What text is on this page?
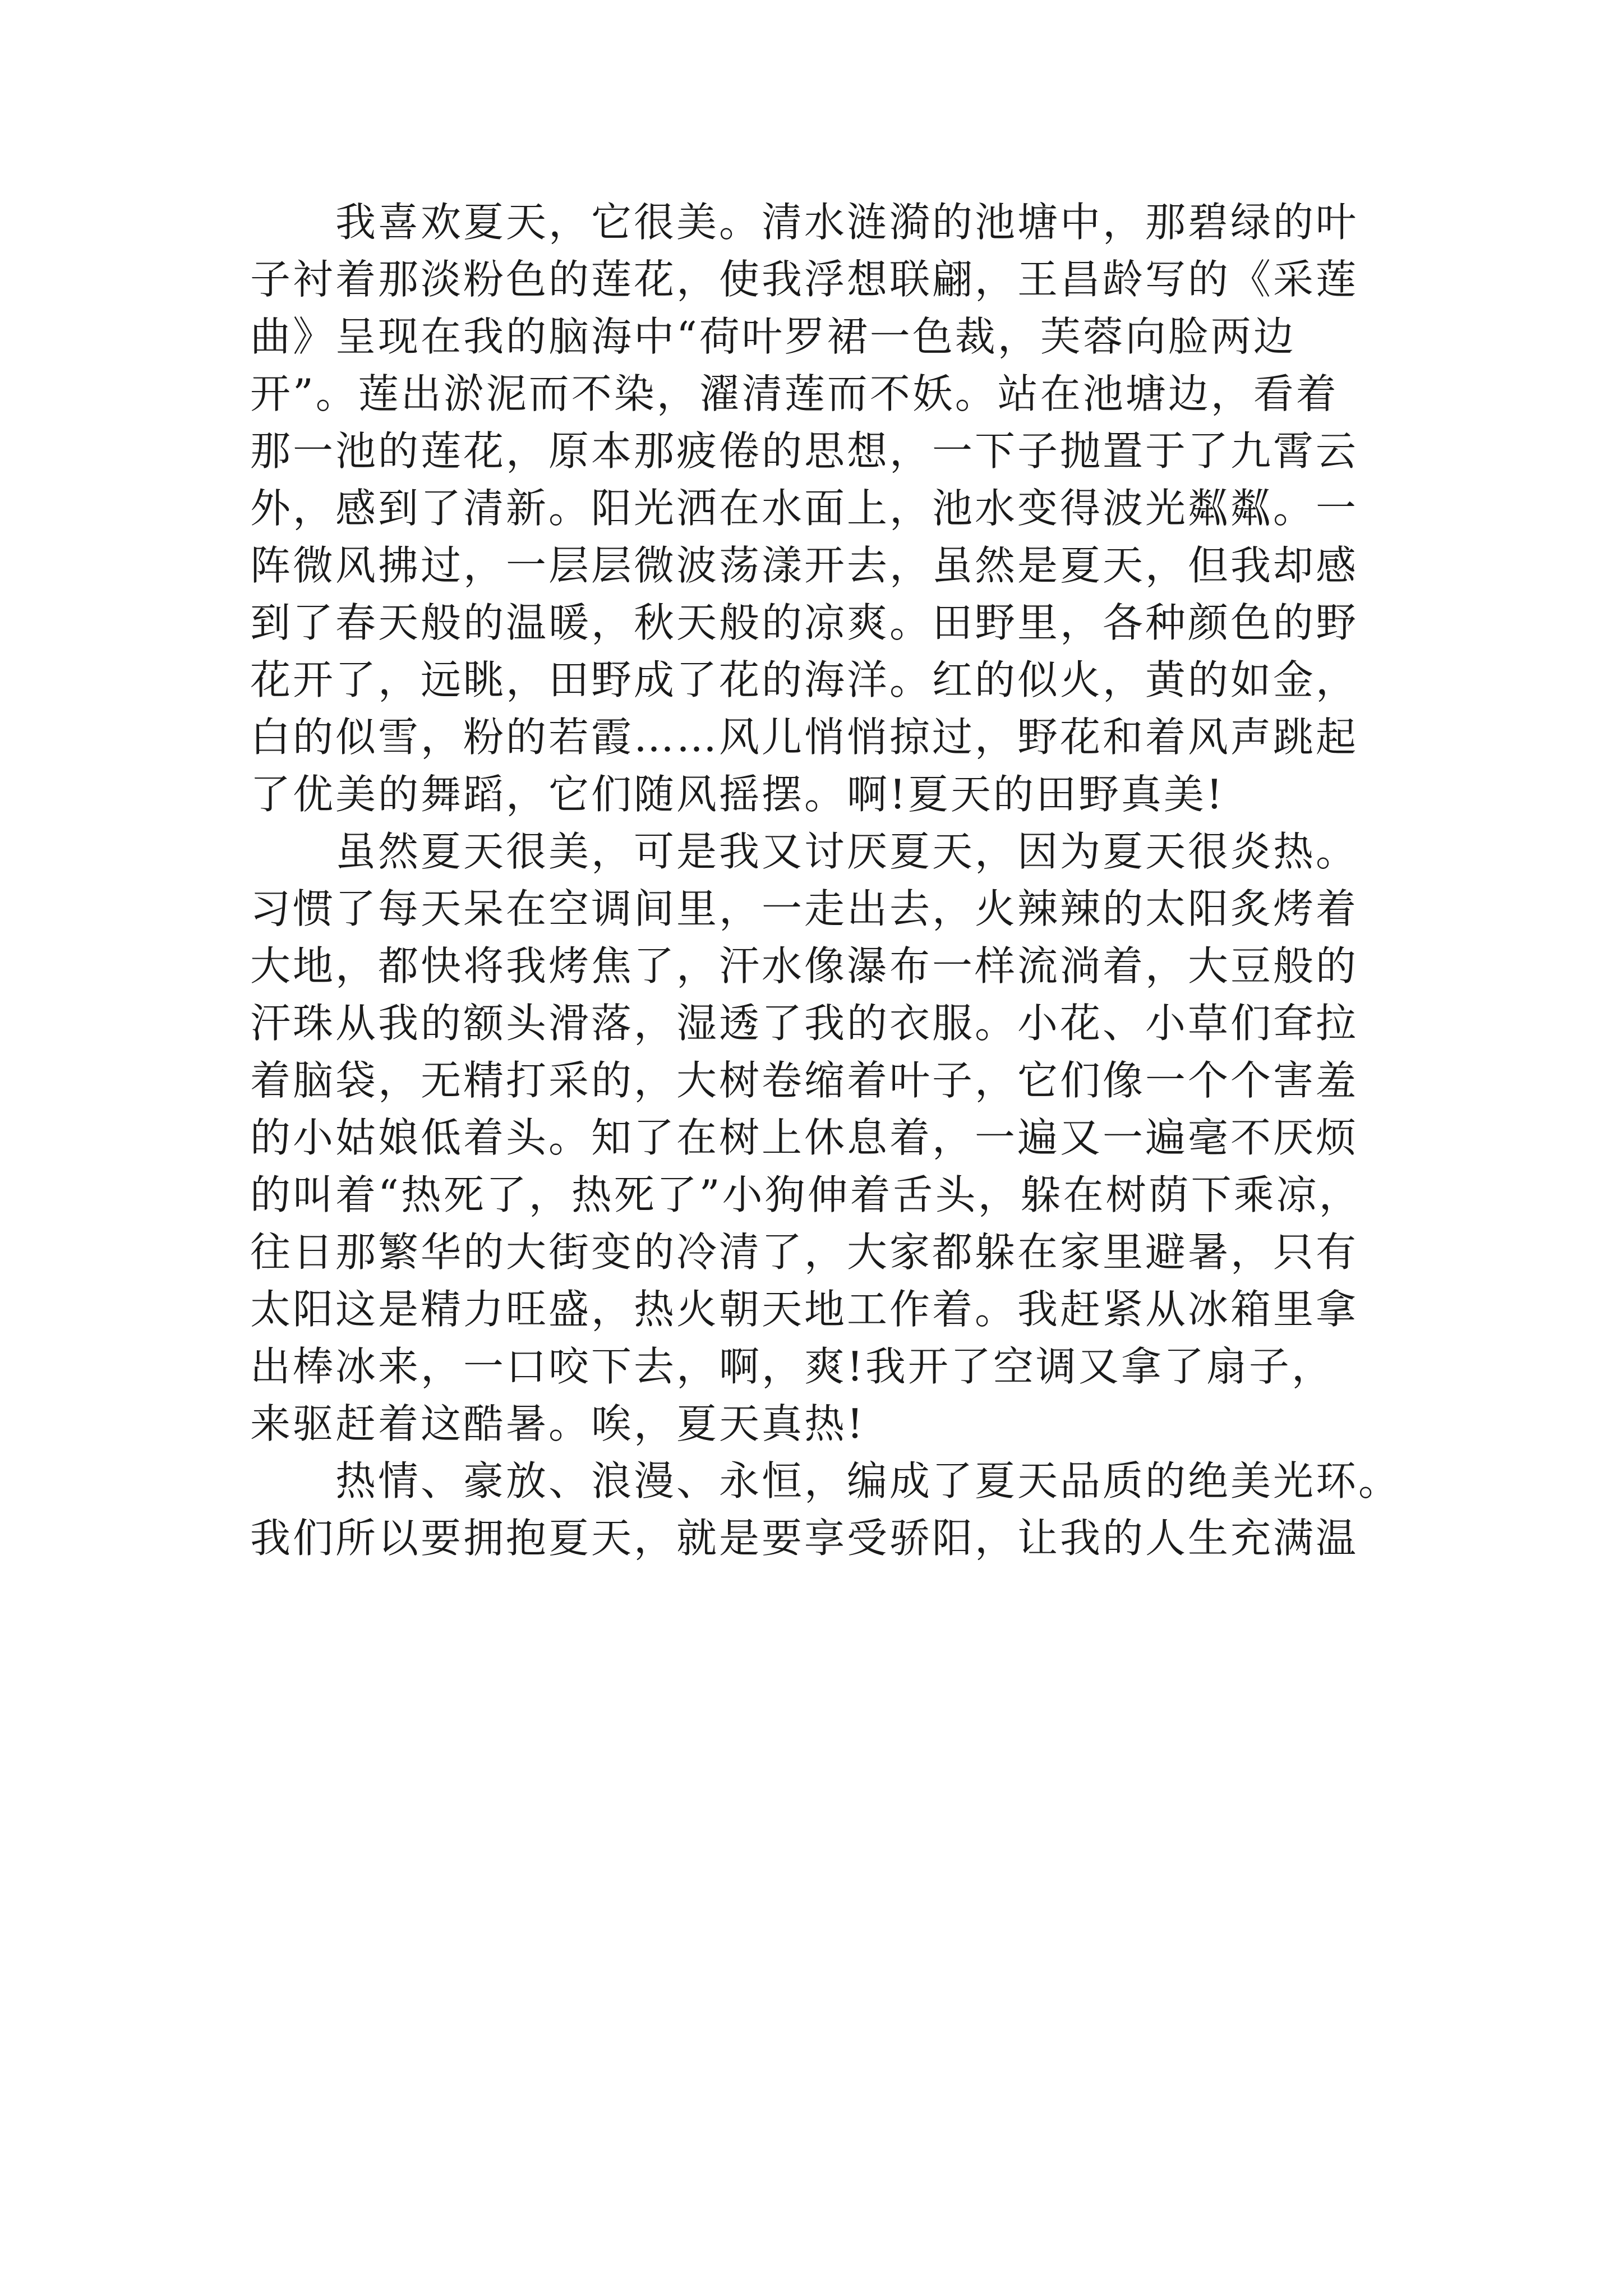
　　我喜欢夏天，它很美。清水涟漪的池塘中，那碧绿的叶
子衬着那淡粉色的莲花，使我浮想联翩，王昌龄写的《采莲
曲》呈现在我的脑海中“荷叶罗裙一色裁，芙蓉向脸两边
开”。莲出淤泥而不染，濯清莲而不妖。站在池塘边，看着
那一池的莲花，原本那疲倦的思想，一下子抛置于了九霄云
外，感到了清新。阳光洒在水面上，池水变得波光粼粼。一
阵微风拂过，一层层微波荡漾开去，虽然是夏天，但我却感
到了春天般的温暖，秋天般的凉爽。田野里，各种颜色的野
花开了，远眺，田野成了花的海洋。红的似火，黄的如金，
白的似雪，粉的若霞……风儿悄悄掠过，野花和着风声跳起
了优美的舞蹈，它们随风摇摆。啊!夏天的田野真美!
　　虽然夏天很美，可是我又讨厌夏天，因为夏天很炎热。
习惯了每天呆在空调间里，一走出去，火辣辣的太阳炙烤着
大地，都快将我烤焦了，汗水像瀑布一样流淌着，大豆般的
汗珠从我的额头滑落，湿透了我的衣服。小花、小草们耷拉
着脑袋，无精打采的，大树卷缩着叶子，它们像一个个害羞
的小姑娘低着头。知了在树上休息着，一遍又一遍毫不厌烦
的叫着“热死了，热死了”小狗伸着舌头，躲在树荫下乘凉，
往日那繁华的大街变的冷清了，大家都躲在家里避暑，只有
太阳这是精力旺盛，热火朝天地工作着。我赶紧从冰箱里拿
出棒冰来，一口咬下去，啊，爽!我开了空调又拿了扇子，
来驱赶着这酷暑。唉，夏天真热!
　　热情、豪放、浪漫、永恒，编成了夏天品质的绝美光环。
我们所以要拥抱夏天，就是要享受骄阳，让我的人生充满温
